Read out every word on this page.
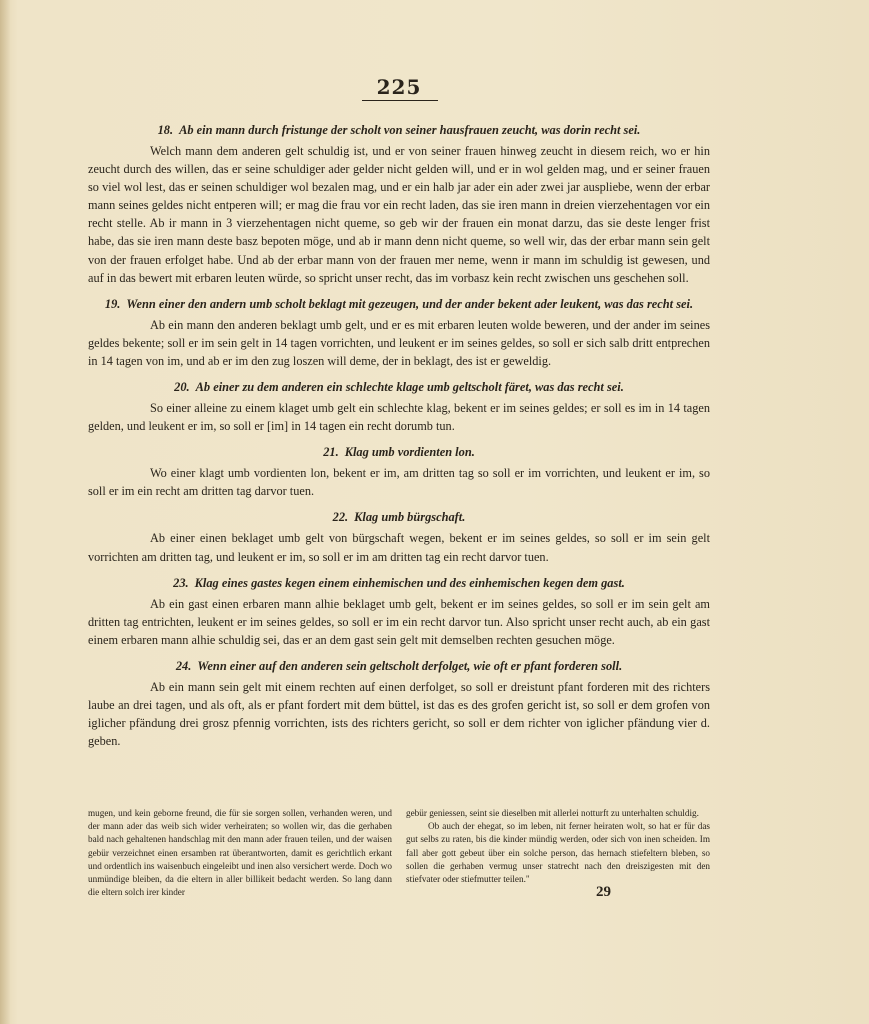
225
18. Ab ein mann durch fristunge der scholt von seiner hausfrauen zeucht, was dorin recht sei.

Welch mann dem anderen gelt schuldig ist, und er von seiner frauen hinweg zeucht in diesem reich, wo er hin zeucht durch des willen, das er seine schuldiger ader gelder nicht gelden will, und er in wol gelden mag, und er seiner frauen so viel wol lest, das er seinen schuldiger wol bezalen mag, und er ein halb jar ader ein ader zwei jar auspliebe, wenn der erbar mann seines geldes nicht entperen will; er mag die frau vor ein recht laden, das sie iren mann in dreien vierzehentagen vor ein recht stelle. Ab ir mann in 3 vierzehentagen nicht queme, so geb wir der frauen ein monat darzu, das sie deste lenger frist habe, das sie iren mann deste basz bepoten möge, und ab ir mann denn nicht queme, so well wir, das der erbar mann sein gelt von der frauen erfolget habe. Und ab der erbar mann von der frauen mer neme, wenn ir mann im schuldig ist gewesen, und auf in das bewert mit erbaren leuten würde, so spricht unser recht, das im vorbasz kein recht zwischen uns geschehen soll.

19. Wenn einer den andern umb scholt beklagt mit gezeugen, und der ander bekent ader leukent, was das recht sei.

Ab ein mann den anderen beklagt umb gelt, und er es mit erbaren leuten wolde beweren, und der ander im seines geldes bekente; soll er im sein gelt in 14 tagen vorrichten, und leukent er im seines geldes, so soll er sich salb dritt entprechen in 14 tagen von im, und ab er im den zug loszen will deme, der in beklagt, des ist er geweldig.

20. Ab einer zu dem anderen ein schlechte klage umb geltscholt färet, was das recht sei.

So einer alleine zu einem klaget umb gelt ein schlechte klag, bekent er im seines geldes; er soll es im in 14 tagen gelden, und leukent er im, so soll er [im] in 14 tagen ein recht dorumb tun.

21. Klag umb vordienten lon.

Wo einer klagt umb vordienten lon, bekent er im, am dritten tag so soll er im vorrichten, und leukent er im, so soll er im ein recht am dritten tag darvor tuen.

22. Klag umb bürgschaft.

Ab einer einen beklaget umb gelt von bürgschaft wegen, bekent er im seines geldes, so soll er im sein gelt vorrichten am dritten tag, und leukent er im, so soll er im am dritten tag ein recht darvor tuen.

23. Klag eines gastes kegen einem einhemischen und des einhemischen kegen dem gast.

Ab ein gast einen erbaren mann alhie beklaget umb gelt, bekent er im seines geldes, so soll er im sein gelt am dritten tag entrichten, leukent er im seines geldes, so soll er im ein recht darvor tun. Also spricht unser recht auch, ab ein gast einem erbaren mann alhie schuldig sei, das er an dem gast sein gelt mit demselben rechten gesuchen möge.

24. Wenn einer auf den anderen sein geltscholt derfolget, wie oft er pfant forderen soll.

Ab ein mann sein gelt mit einem rechten auf einen derfolget, so soll er dreistunt pfant forderen mit des richters laube an drei tagen, und als oft, als er pfant fordert mit dem büttel, ist das es des grofen gericht ist, so soll er dem grofen von iglicher pfändung drei grosz pfennig vorrichten, ists des richters gericht, so soll er dem richter von iglicher pfändung vier d. geben.

mugen, und kein geborne freund, die für sie sorgen sollen, verhanden weren, und der mann ader das weib sich wider verheiraten; so wollen wir, das die gerhaben bald nach gehaltenen handschlag mit den mann ader frauen teilen, und der waisen gebür verzeichnet einen ersamben rat überantworten, damit es gerichtlich erkant und ordentlich ins waisenbuch eingeleibt und inen also versichert werde. Doch wo unmündige bleiben, da die eltern in aller billikeit bedacht werden. So lang dann die eltern solch irer kinder

gebür geniessen, seint sie dieselben mit allerlei notturft zu unterhalten schuldig.

Ob auch der ehegat, so im leben, nit ferner heiraten wolt, so hat er für das gut selbs zu raten, bis die kinder mündig werden, oder sich von inen scheiden. Im fall aber gott gebeut über ein solche person, das hernach stiefeltern bleben, so sollen die gerhaben vermug unser statrecht nach den dreiszigesten mit den stiefvater oder stiefmutter teilen."

29
